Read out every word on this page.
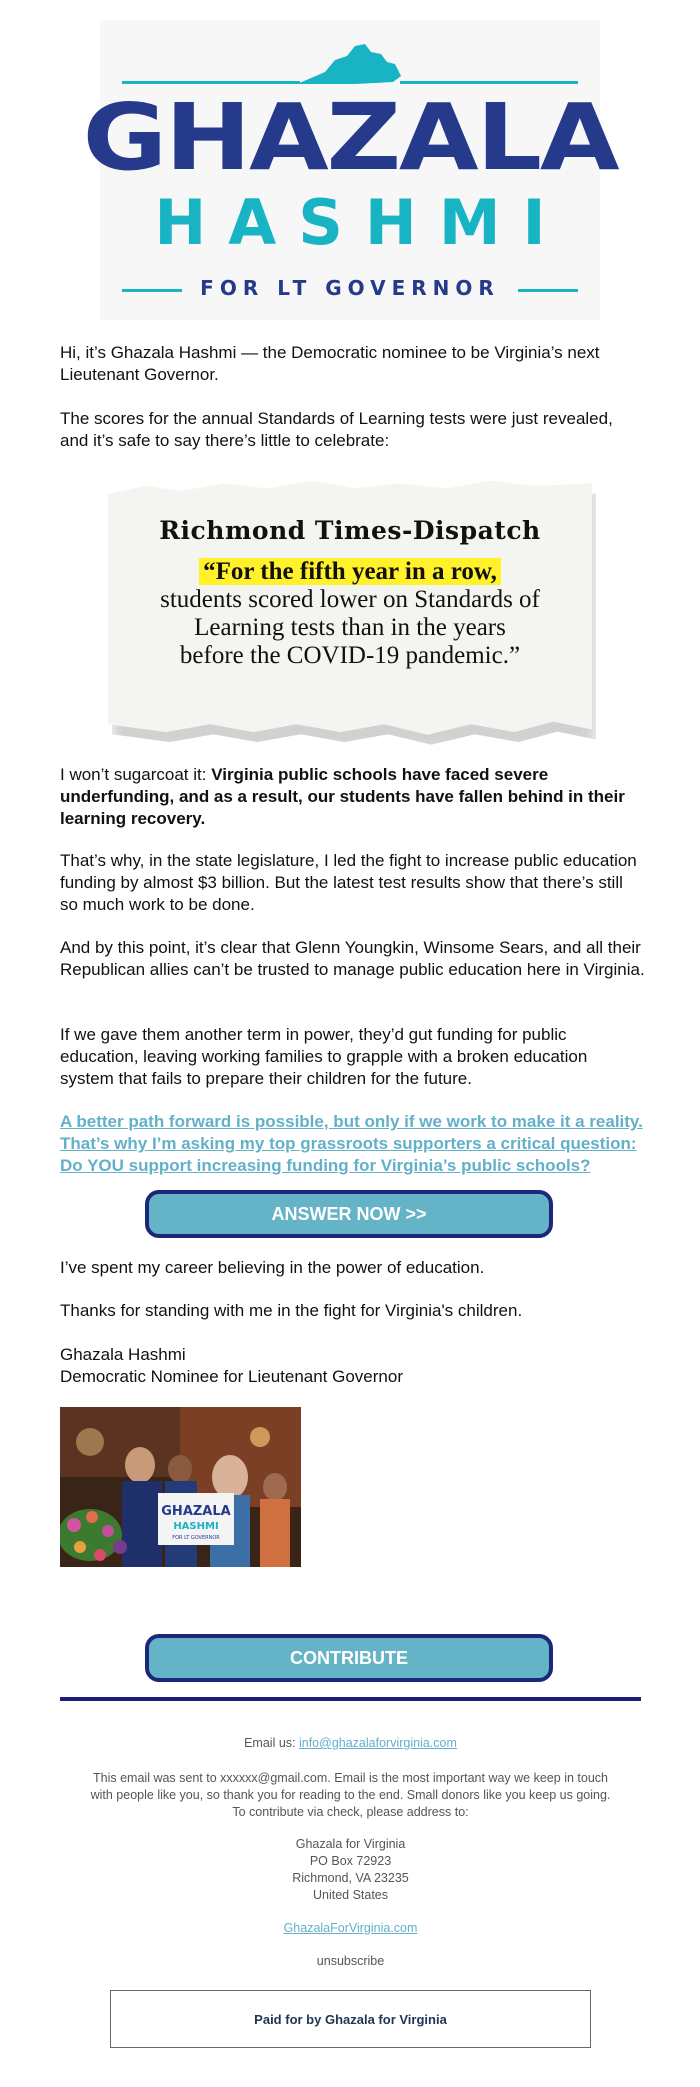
GHAZALA
HASHMI
FOR LT GOVERNOR
Hi, it’s Ghazala Hashmi — the Democratic nominee to be Virginia’s next Lieutenant Governor.
The scores for the annual Standards of Learning tests were just revealed, and it’s safe to say there’s little to celebrate:
Richmond Times-Dispatch
“For the fifth year in a row,
students scored lower on Standards of
Learning tests than in the years
before the COVID-19 pandemic.”
I won’t sugarcoat it: Virginia public schools have faced severe underfunding, and as a result, our students have fallen behind in their learning recovery.
That’s why, in the state legislature, I led the fight to increase public education funding by almost $3 billion. But the latest test results show that there’s still so much work to be done.
And by this point, it’s clear that Glenn Youngkin, Winsome Sears, and all their Republican allies can’t be trusted to manage public education here in Virginia.
If we gave them another term in power, they’d gut funding for public education, leaving working families to grapple with a broken education system that fails to prepare their children for the future.
A better path forward is possible, but only if we work to make it a reality. That’s why I’m asking my top grassroots supporters a critical question: Do YOU support increasing funding for Virginia’s public schools?
ANSWER NOW >>
I’ve spent my career believing in the power of education.
Thanks for standing with me in the fight for Virginia's children.
Ghazala Hashmi
Democratic Nominee for Lieutenant Governor
GHAZALA
HASHMI
FOR LT GOVERNOR
CONTRIBUTE
Email us: info@ghazalaforvirginia.com
This email was sent to xxxxxx@gmail.com. Email is the most important way we keep in touch with people like you, so thank you for reading to the end. Small donors like you keep us going. To contribute via check, please address to:
Ghazala for Virginia
PO Box 72923
Richmond, VA 23235
United States
GhazalaForVirginia.com
unsubscribe
Paid for by Ghazala for Virginia
